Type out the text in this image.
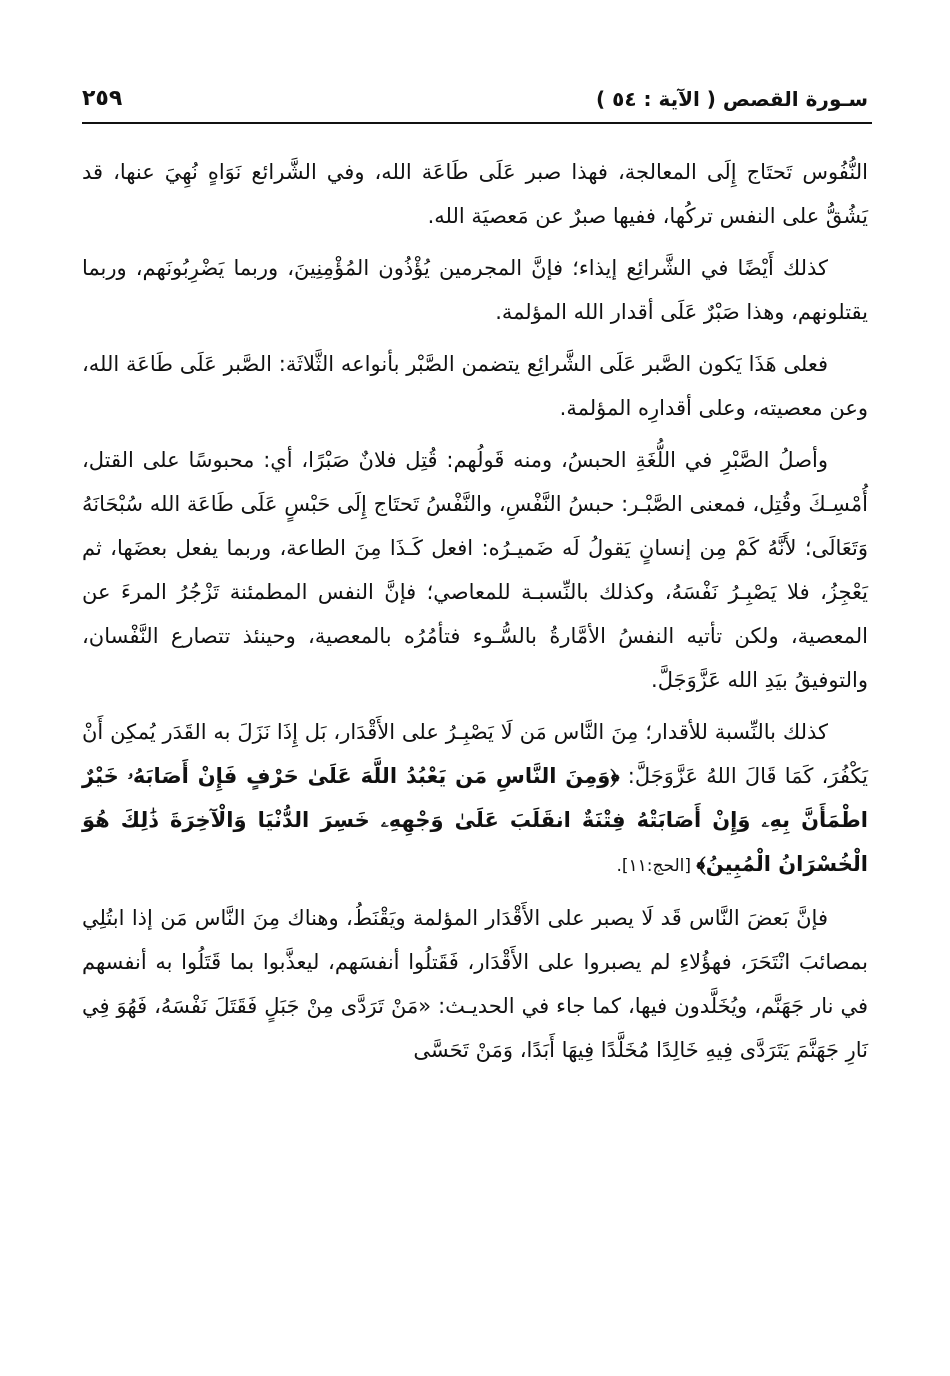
سـورة القصص ( الآية : ٥٤ )
٢٥٩

النُّفُوس تَحتَاج إِلَى المعالجة، فهذا صبر عَلَى طَاعَة الله، وفي الشَّرائع نَوَاهٍ نُهِيَ عنها، قد يَشُقُّ على النفس تركُها، ففيها صبرٌ عن مَعصيَة الله.

كذلك أَيْضًا في الشَّرائِع إيذاء؛ فإنَّ المجرمين يُؤْذُون المُؤْمِنِينَ، وربما يَضْرِبُونَهم، وربما يقتلونهم، وهذا صَبْرٌ عَلَى أقدار الله المؤلمة.

فعلى هَذَا يَكون الصَّبر عَلَى الشَّرائِع يتضمن الصَّبْر بأنواعه الثَّلاثَة: الصَّبر عَلَى طَاعَة الله، وعن معصيته، وعلى أقدارِه المؤلمة.

وأصلُ الصَّبْرِ في اللُّغَةِ الحبسُ، ومنه قَولُهم: قُتِل فلانٌ صَبْرًا، أي: محبوسًا على القتل، أُمْسِـكَ وقُتِل، فمعنى الصَّبْـر: حبسُ النَّفْسِ، والنَّفْسُ تَحتَاج إِلَى حَبْسٍ عَلَى طَاعَة الله سُبْحَانَهُ وَتَعَالَى؛ لأَنَّهُ كَمْ مِن إنسانٍ يَقولُ لَه ضَميـرُه: افعل كَـذَا مِنَ الطاعة، وربما يفعل بعضَها، ثم يَعْجِزُ، فلا يَصْبِـرُ نَفْسَهُ، وكذلك بالنِّسبـة للمعاصي؛ فإنَّ النفس المطمئنة تَزْجُرُ المرءَ عن المعصية، ولكن تأتيه النفسُ الأمَّارةُ بالسُّـوء فتأمُرُه بالمعصية، وحينئذ تتصارع النَّفْسان، والتوفيقُ بيَدِ الله عَزَّوَجَلَّ.

كذلك بالنِّسبة للأقدار؛ مِنَ النَّاس مَن لَا يَصْبِـرُ على الأَقْدَار، بَل إِذَا نَزَلَ به القَدَر يُمكِن أَنْ يَكْفُرَ، كَمَا قَالَ اللهُ عَزَّوَجَلَّ: ﴿وَمِنَ النَّاسِ مَن يَعْبُدُ اللَّهَ عَلَىٰ حَرْفٍ فَإِنْ أَصَابَهُۥ خَيْرٌ اطْمَأَنَّ بِهِۦ وَإِنْ أَصَابَتْهُ فِتْنَةٌ انقَلَبَ عَلَىٰ وَجْهِهِۦ خَسِرَ الدُّنْيَا وَالْآخِرَةَ ذَٰلِكَ هُوَ الْخُسْرَانُ الْمُبِينُ﴾ [الحج:١١].

فإنَّ بَعضَ النَّاس قَد لَا يصبر على الأَقْدَار المؤلمة ويَقْنَطُ، وهناك مِنَ النَّاس مَن إذا ابتُلِي بمصائبَ انْتَحَرَ، فهؤُلاءِ لم يصبروا على الأَقْدَار، فَقَتلُوا أنفسَهم، ليعذَّبوا بما قَتَلُوا به أنفسهم في نار جَهَنَّم، ويُخَلَّدون فيها، كما جاء في الحديـث: «مَنْ تَرَدَّى مِنْ جَبَلٍ فَقَتَلَ نَفْسَهُ، فَهُوَ فِي نَارِ جَهَنَّمَ يَتَرَدَّى فِيهِ خَالِدًا مُخَلَّدًا فِيهَا أَبَدًا، وَمَنْ تَحَسَّى
